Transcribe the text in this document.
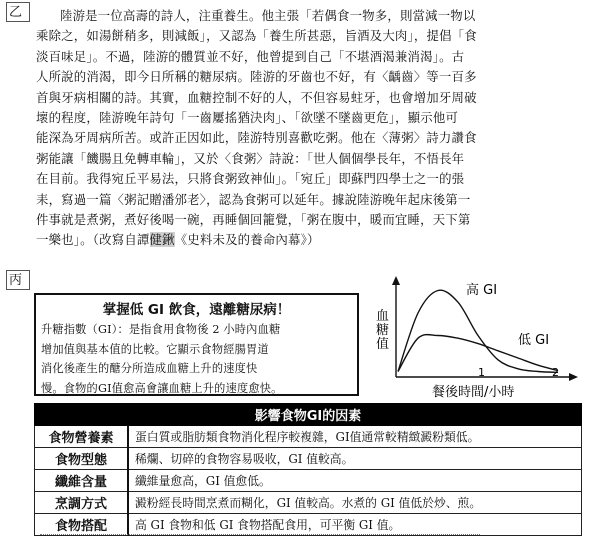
乙	陸游是一位高壽的詩人，注重養生。他主張「若偶食一物多，則當減一物以
乘除之，如湯餅稍多，則減飯」，又認為「養生所甚惡，旨酒及大肉」，提倡「食
淡百味足」。不過，陸游的體質並不好，他曾提到自己「不堪酒渴兼消渴」。古
人所說的消渴，即今日所稱的糖尿病。陸游的牙齒也不好，有〈齲齒〉等一百多
首與牙病相關的詩。其實，血糖控制不好的人，不但容易蛀牙，也會增加牙周破
壞的程度，陸游晚年詩句「一齒屢搖猶決肉」、「欲墜不墜齒更危」，顯示他可
能深為牙周病所苦。或許正因如此，陸游特別喜歡吃粥。他在〈薄粥〉詩力讚食
粥能讓「饑腸且免轉車輪」，又於〈食粥〉詩說：「世人個個學長年，不悟長年
在目前。我得宛丘平易法，只將食粥致神仙」。「宛丘」即蘇門四學士之一的張
耒，寫過一篇〈粥記贈潘邠老〉，認為食粥可以延年。據說陸游晚年起床後第一
件事就是煮粥，煮好後喝一碗，再睡個回籠覺，「粥在腹中，暖而宜睡，天下第
一樂也」。（改寫自譚健鍬《史料未及的養命內幕》）
丙
掌握低 GI 飲食，遠離糖尿病！
升糖指數（GI）：是指食用食物後 2 小時內血糖
增加值與基本值的比較。它顯示食物經腸胃道
消化後產生的醣分所造成血糖上升的速度快
慢。食物的GI值愈高會讓血糖上升的速度愈快。
血
糖
值
高 GI
低 GI
1	2
餐後時間/小時
影響食物GI的因素	
食物營養素	蛋白質或脂肪類食物消化程序較複雜，GI值通常較精緻澱粉類低。
食物型態	稀爛、切碎的食物容易吸收，GI 值較高。
纖維含量	纖維量愈高，GI 值愈低。
烹調方式	澱粉經長時間烹煮而糊化，GI 值較高。水煮的 GI 值低於炒、煎。
食物搭配	高 GI 食物和低 GI 食物搭配食用，可平衡 GI 值。
